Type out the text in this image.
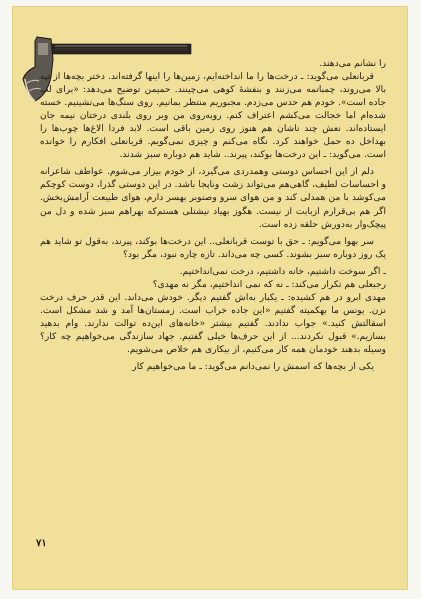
را نشانم می‌دهند.

قربانعلی می‌گوید: ـ درخت‌ها را ما انداخته‌ایم، زمین‌ها را اینها گرفته‌اند. دختر بچه‌ها از تپه بالا می‌روند، چمباتمه می‌زنند و بنفشهٔ کوهی می‌چینند. حمیمن توضیح می‌دهد: «برای لب جاده است». خودم هم حدس می‌زدم. مجبوریم منتظر بمانیم. روی سنگ‌ها می‌نشینیم. خسته شده‌ام اما خجالت می‌کشم اعتراف کنم. روبه‌روی من وبر روی بلندی درختان نیمه جان ایستاده‌اند. نعش چند ناشان هم هنوز روی زمین باقی است. لابد فردا الاغ‌ها چوب‌ها را بهدا‌خل ده حمل خواهند کرد. نگاه می‌کنم و چیزی نمی‌گویم. قربانعلی افکارم را خوانده است. می‌گوید: ـ این درخت‌ها بوکند، پیرند.. شاید هم دوباره سبز شدند.

دلم از این احساس دوستی وهمدردی می‌گیرد، از خودم بیزار می‌شوم. عواطف شاعرانه و احساسات لطیف، گاهی‌هم می‌تواند زشت وناپجا باشد. در این دوستی گذرا، دوست کوچکم می‌کوشد با من همدلی کند و من هوای سرو وصنوبر بهسر دارم، هوای طبیعت آرامش‌بخش. اگر هم بی‌قرارم ازبابت از نیست. هگوز بهیاد نیشتلی هستم‌که بهراهم سبز شده‌ و دل من پیچک‌وار به‌دورش حلقه زده است.

سر بهوا می‌گویم: ـ حق با توست قربانعلی.. این درخت‌ها بوکند، پیرند، به‌قول تو شاید هم یک روز دوباره سبز بشوند. کسی چه می‌داند. تازه چاره نبود، مگر بود؟

ـ اگر سوخت داشتیم، خانه داشتیم، درخت نمی‌انداختیم.

رجبعلی هم تکرار می‌کند: ـ نه که نمی انداختیم، مگر نه مهدی؟

مهدی ابرو در هم کشیده: ـ یکبار به‌اش گفتیم دیگر. خودش می‌داند. این قدر حرف درخت نزن. یونس ما بهکمیته گفتیم «این جاده خراب است. زمستان‌ها آمد و شد مشکل است. اسقالتش کنید.» جواب ندادند. گفتیم بیشتر «خانه‌های این‌ده توالت ندارند. وام بدهید بسازیم.» قبول نکردند... از این حرف‌ها خیلی گفتیم. جهاد سازندگی می‌خواهیم چه کار؟ وسیله بدهند خودمان همه کار می‌کنیم، از بیکاری هم خلاص می‌شویم.

یکی از بچه‌ها که اسمش را نمی‌دانم می‌گوید: ـ ما می‌خواهیم کار

۷۱
